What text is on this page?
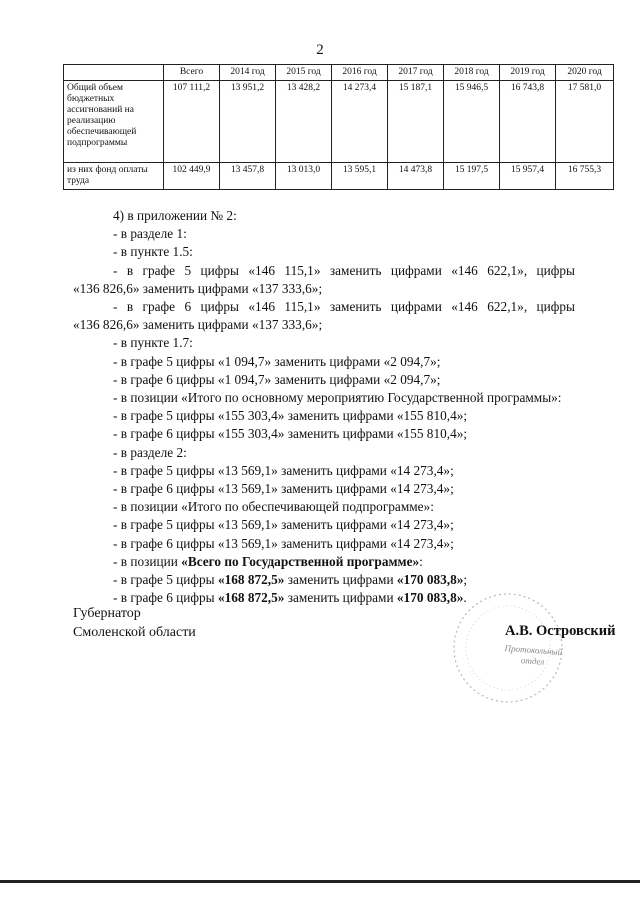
2
	Всего	2014 год	2015 год	2016 год	2017 год	2018 год	2019 год	2020 год
Общий объем бюджетных ассигнований на реализацию обеспечивающей подпрограммы	107 111,2	13 951,2	13 428,2	14 273,4	15 187,1	15 946,5	16 743,8	17 581,0
из них фонд оплаты труда	102 449,9	13 457,8	13 013,0	13 595,1	14 473,8	15 197,5	15 957,4	16 755,3

4) в приложении № 2:

- в разделе 1:

- в пункте 1.5:

- в графе 5 цифры «146 115,1» заменить цифрами «146 622,1», цифры

«136 826,6» заменить цифрами «137 333,6»;

- в графе 6 цифры «146 115,1» заменить цифрами «146 622,1», цифры

«136 826,6» заменить цифрами «137 333,6»;

- в пункте 1.7:

- в графе 5 цифры «1 094,7» заменить цифрами «2 094,7»;

- в графе 6 цифры «1 094,7» заменить цифрами «2 094,7»;

- в позиции «Итого по основному мероприятию Государственной программы»:

- в графе 5 цифры «155 303,4» заменить цифрами «155 810,4»;

- в графе 6 цифры «155 303,4» заменить цифрами «155 810,4»;

- в разделе 2:

- в графе 5 цифры «13 569,1» заменить цифрами «14 273,4»;

- в графе 6 цифры «13 569,1» заменить цифрами «14 273,4»;

- в позиции «Итого по обеспечивающей подпрограмме»:

- в графе 5 цифры «13 569,1» заменить цифрами «14 273,4»;

- в графе 6 цифры «13 569,1» заменить цифрами «14 273,4»;

- в позиции «Всего по Государственной программе»:

- в графе 5 цифры «168 872,5» заменить цифрами «170 083,8»;

- в графе 6 цифры «168 872,5» заменить цифрами «170 083,8».

Губернатор
Смоленской области
Протокольный
отдел
А.В. Островский
